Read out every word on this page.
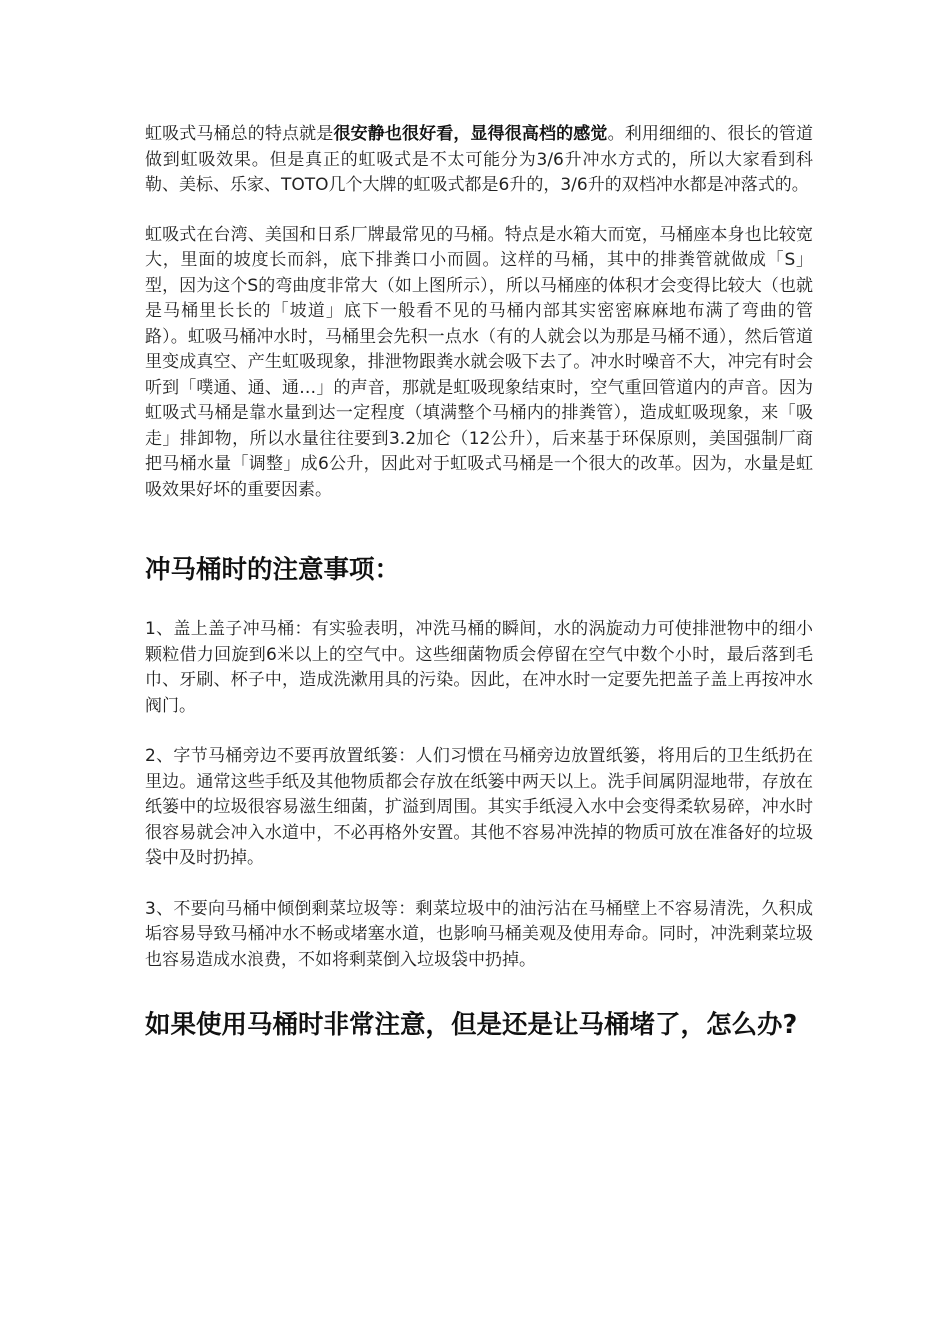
虹吸式马桶总的特点就是很安静也很好看，显得很高档的感觉。利用细细的、很长的管道做到虹吸效果。但是真正的虹吸式是不太可能分为3/6升冲水方式的，所以大家看到科勒、美标、乐家、TOTO几个大牌的虹吸式都是6升的，3/6升的双档冲水都是冲落式的。

虹吸式在台湾、美国和日系厂牌最常见的马桶。特点是水箱大而宽，马桶座本身也比较宽大，里面的坡度长而斜，底下排粪口小而圆。这样的马桶，其中的排粪管就做成「S」型，因为这个S的弯曲度非常大（如上图所示），所以马桶座的体积才会变得比较大（也就是马桶里长长的「坡道」底下一般看不见的马桶内部其实密密麻麻地布满了弯曲的管路）。虹吸马桶冲水时，马桶里会先积一点水（有的人就会以为那是马桶不通），然后管道里变成真空、产生虹吸现象，排泄物跟粪水就会吸下去了。冲水时噪音不大，冲完有时会听到「噗通、通、通…」的声音，那就是虹吸现象结束时，空气重回管道内的声音。因为虹吸式马桶是靠水量到达一定程度（填满整个马桶内的排粪管），造成虹吸现象，来「吸走」排卸物，所以水量往往要到3.2加仑（12公升），后来基于环保原则，美国强制厂商把马桶水量「调整」成6公升，因此对于虹吸式马桶是一个很大的改革。因为，水量是虹吸效果好坏的重要因素。

冲马桶时的注意事项：

1、盖上盖子冲马桶：有实验表明，冲洗马桶的瞬间，水的涡旋动力可使排泄物中的细小颗粒借力回旋到6米以上的空气中。这些细菌物质会停留在空气中数个小时，最后落到毛巾、牙刷、杯子中，造成洗漱用具的污染。因此，在冲水时一定要先把盖子盖上再按冲水阀门。

2、字节马桶旁边不要再放置纸篓：人们习惯在马桶旁边放置纸篓，将用后的卫生纸扔在里边。通常这些手纸及其他物质都会存放在纸篓中两天以上。洗手间属阴湿地带，存放在纸篓中的垃圾很容易滋生细菌，扩溢到周围。其实手纸浸入水中会变得柔软易碎，冲水时很容易就会冲入水道中，不必再格外安置。其他不容易冲洗掉的物质可放在准备好的垃圾袋中及时扔掉。

3、不要向马桶中倾倒剩菜垃圾等：剩菜垃圾中的油污沾在马桶壁上不容易清洗，久积成垢容易导致马桶冲水不畅或堵塞水道，也影响马桶美观及使用寿命。同时，冲洗剩菜垃圾也容易造成水浪费，不如将剩菜倒入垃圾袋中扔掉。

如果使用马桶时非常注意，但是还是让马桶堵了，怎么办?
